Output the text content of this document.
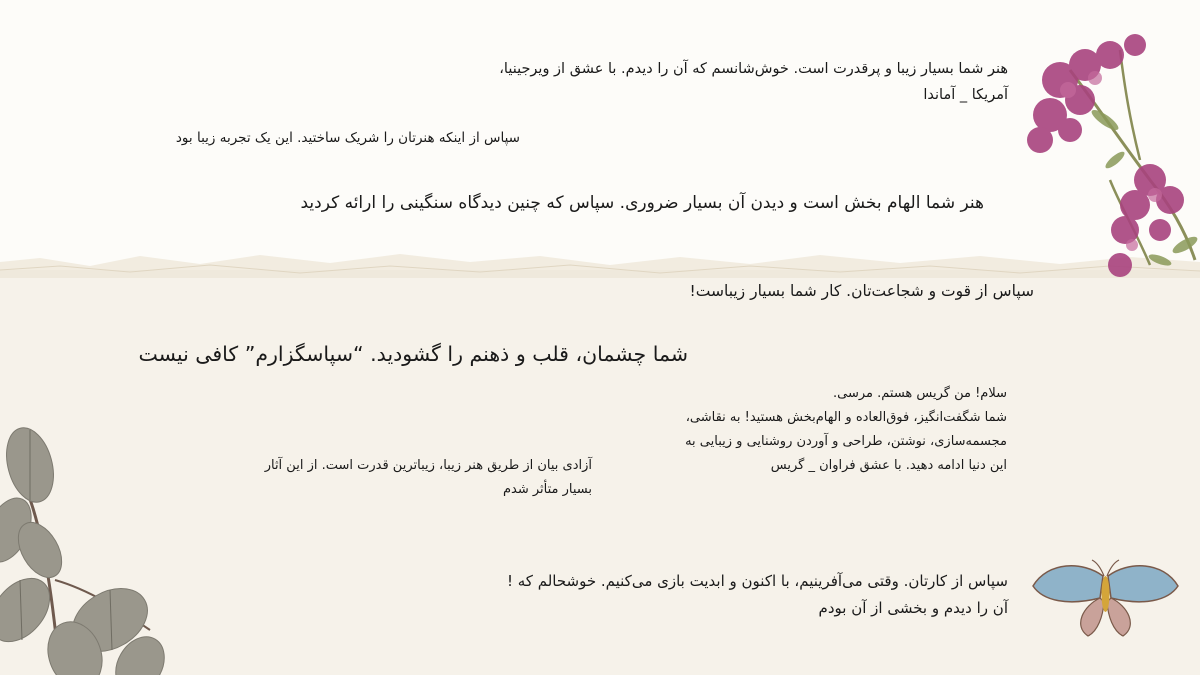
هنر شما بسیار زیبا و پرقدرت است. خوش‌شانسم که آن را دیدم. با عشق از ویرجینیا،
آمریکا _ آماندا
سپاس از اینکه هنرتان را شریک ساختید. این یک تجربه زیبا بود
هنر شما الهام بخش است و دیدن آن بسیار ضروری. سپاس که چنین دیدگاه سنگینی را ارائه کردید
سپاس از قوت و شجاعت‌تان. کار شما بسیار زیباست!
شما چشمان، قلب و ذهنم را گشودید. “سپاسگزارم” کافی نیست
سلام! من گریس هستم. مرسی.
شما شگفت‌انگیز، فوق‌العاده و الهام‌بخش هستید! به نقاشی،
مجسمه‌سازی، نوشتن، طراحی و آوردن روشنایی و زیبایی به
این دنیا ادامه دهید. با عشق فراوان _ گریس
آزادی بیان از طریق هنر زیبا، زیباترین قدرت است. از این آثار
بسیار متأثر شدم
سپاس از کارتان. وقتی می‌آفرینیم، با اکنون و ابدیت بازی می‌کنیم. خوشحالم که !
آن را دیدم و بخشی از آن بودم
